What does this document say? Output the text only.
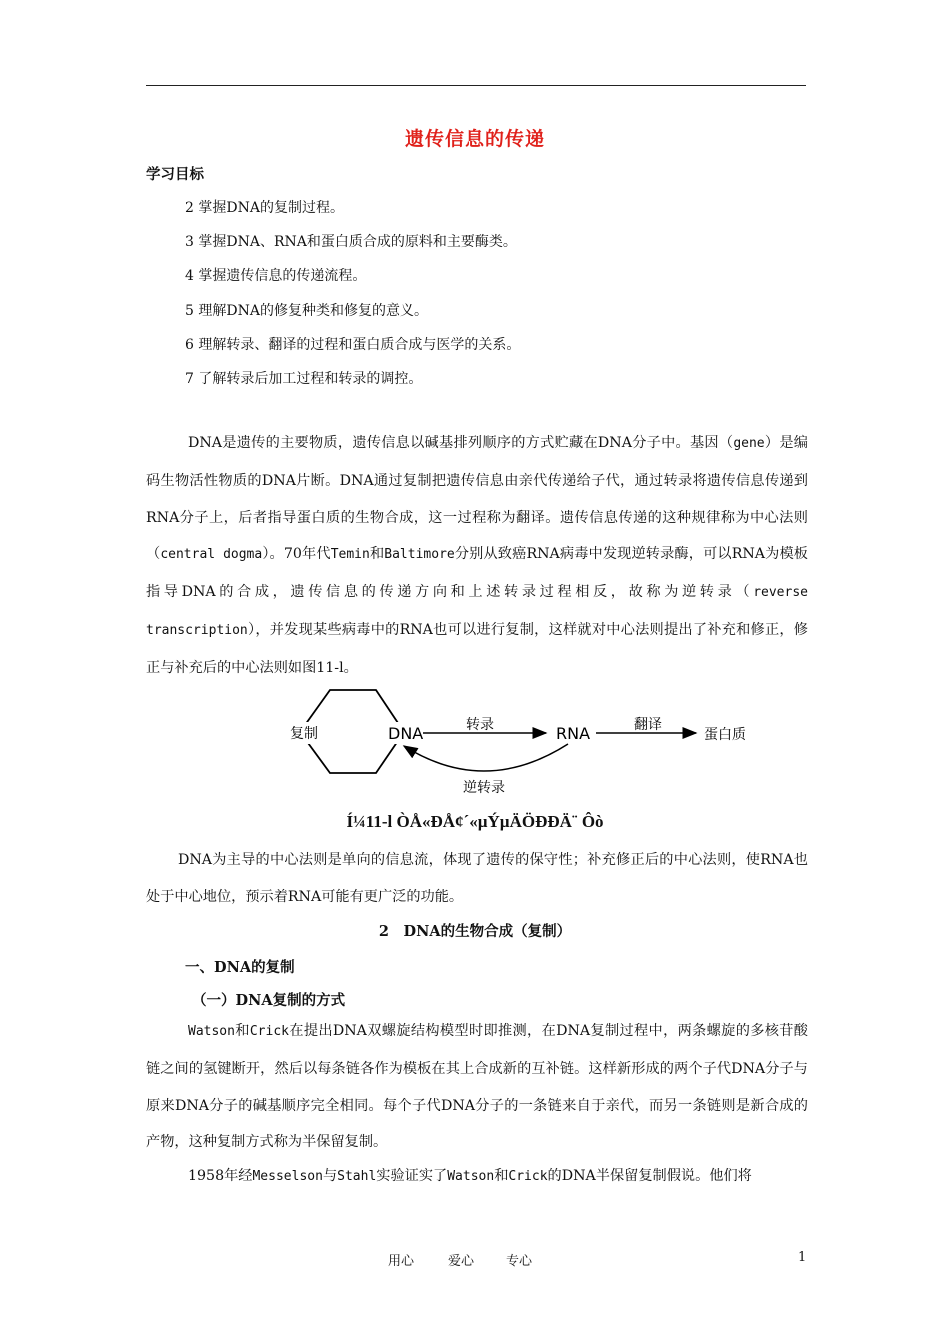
遗传信息的传递
学习目标
2 掌握DNA的复制过程。
3 掌握DNA、RNA和蛋白质合成的原料和主要酶类。
4 掌握遗传信息的传递流程。
5 理解DNA的修复种类和修复的意义。
6 理解转录、翻译的过程和蛋白质合成与医学的关系。
7 了解转录后加工过程和转录的调控。

DNA是遗传的主要物质，遗传信息以碱基排列顺序的方式贮藏在DNA分子中。基因（gene）是编码生物活性物质的DNA片断。DNA通过复制把遗传信息由亲代传递给子代，通过转录将遗传信息传递到RNA分子上，后者指导蛋白质的生物合成，这一过程称为翻译。遗传信息传递的这种规律称为中心法则（central dogma）。70年代Temin和Baltimore分别从致癌RNA病毒中发现逆转录酶，可以RNA为模板指导DNA的合成，遗传信息的传递方向和上述转录过程相反，故称为逆转录（reverse transcription），并发现某些病毒中的RNA也可以进行复制，这样就对中心法则提出了补充和修正，修正与补充后的中心法则如图11-l。

复制	DNA	转录	RNA	翻译
蛋白质
逆转录
Í¼11-l ÒÅ«ÐÅ¢´«µÝµÄÖÐÐÄ¨ Ôò

DNA为主导的中心法则是单向的信息流，体现了遗传的保守性；补充修正后的中心法则，使RNA也处于中心地位，预示着RNA可能有更广泛的功能。

2　DNA的生物合成（复制）
一、DNA的复制
（一）DNA复制的方式

Watson和Crick在提出DNA双螺旋结构模型时即推测，在DNA复制过程中，两条螺旋的多核苷酸链之间的氢键断开，然后以每条链各作为模板在其上合成新的互补链。这样新形成的两个子代DNA分子与原来DNA分子的碱基顺序完全相同。每个子代DNA分子的一条链来自于亲代，而另一条链则是新合成的产物，这种复制方式称为半保留复制。

1958年经Messelson与Stahl实验证实了Watson和Crick的DNA半保留复制假说。他们将

用心	爱心 专心	1
